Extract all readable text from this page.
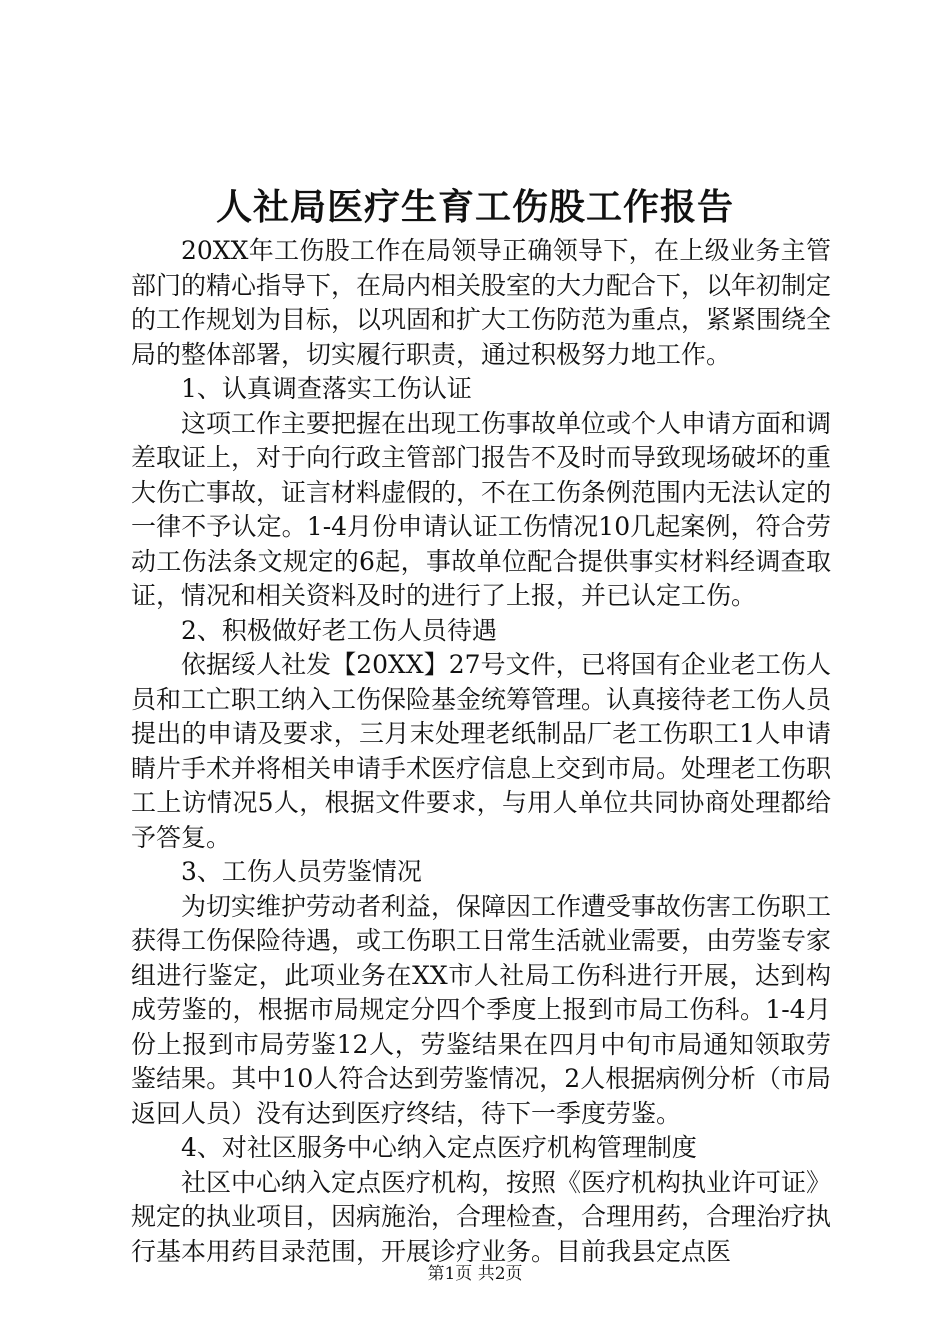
人社局医疗生育工伤股工作报告

20XX年工伤股工作在局领导正确领导下，在上级业务主管部门的精心指导下，在局内相关股室的大力配合下，以年初制定的工作规划为目标，以巩固和扩大工伤防范为重点，紧紧围绕全局的整体部署，切实履行职责，通过积极努力地工作。

1、认真调查落实工伤认证

这项工作主要把握在出现工伤事故单位或个人申请方面和调差取证上，对于向行政主管部门报告不及时而导致现场破坏的重大伤亡事故，证言材料虚假的，不在工伤条例范围内无法认定的一律不予认定。1-4月份申请认证工伤情况10几起案例，符合劳动工伤法条文规定的6起，事故单位配合提供事实材料经调查取证，情况和相关资料及时的进行了上报，并已认定工伤。

2、积极做好老工伤人员待遇

依据绥人社发【20XX】27号文件，已将国有企业老工伤人员和工亡职工纳入工伤保险基金统筹管理。认真接待老工伤人员提出的申请及要求，三月末处理老纸制品厂老工伤职工1人申请睛片手术并将相关申请手术医疗信息上交到市局。处理老工伤职工上访情况5人，根据文件要求，与用人单位共同协商处理都给予答复。

3、工伤人员劳鉴情况

为切实维护劳动者利益，保障因工作遭受事故伤害工伤职工获得工伤保险待遇，或工伤职工日常生活就业需要，由劳鉴专家组进行鉴定，此项业务在XX市人社局工伤科进行开展，达到构成劳鉴的，根据市局规定分四个季度上报到市局工伤科。1-4月份上报到市局劳鉴12人，劳鉴结果在四月中旬市局通知领取劳鉴结果。其中10人符合达到劳鉴情况，2人根据病例分析（市局返回人员）没有达到医疗终结，待下一季度劳鉴。

4、对社区服务中心纳入定点医疗机构管理制度

社区中心纳入定点医疗机构，按照《医疗机构执业许可证》规定的执业项目，因病施治，合理检查，合理用药，合理治疗执行基本用药目录范围，开展诊疗业务。目前我县定点医

第1页 共2页
